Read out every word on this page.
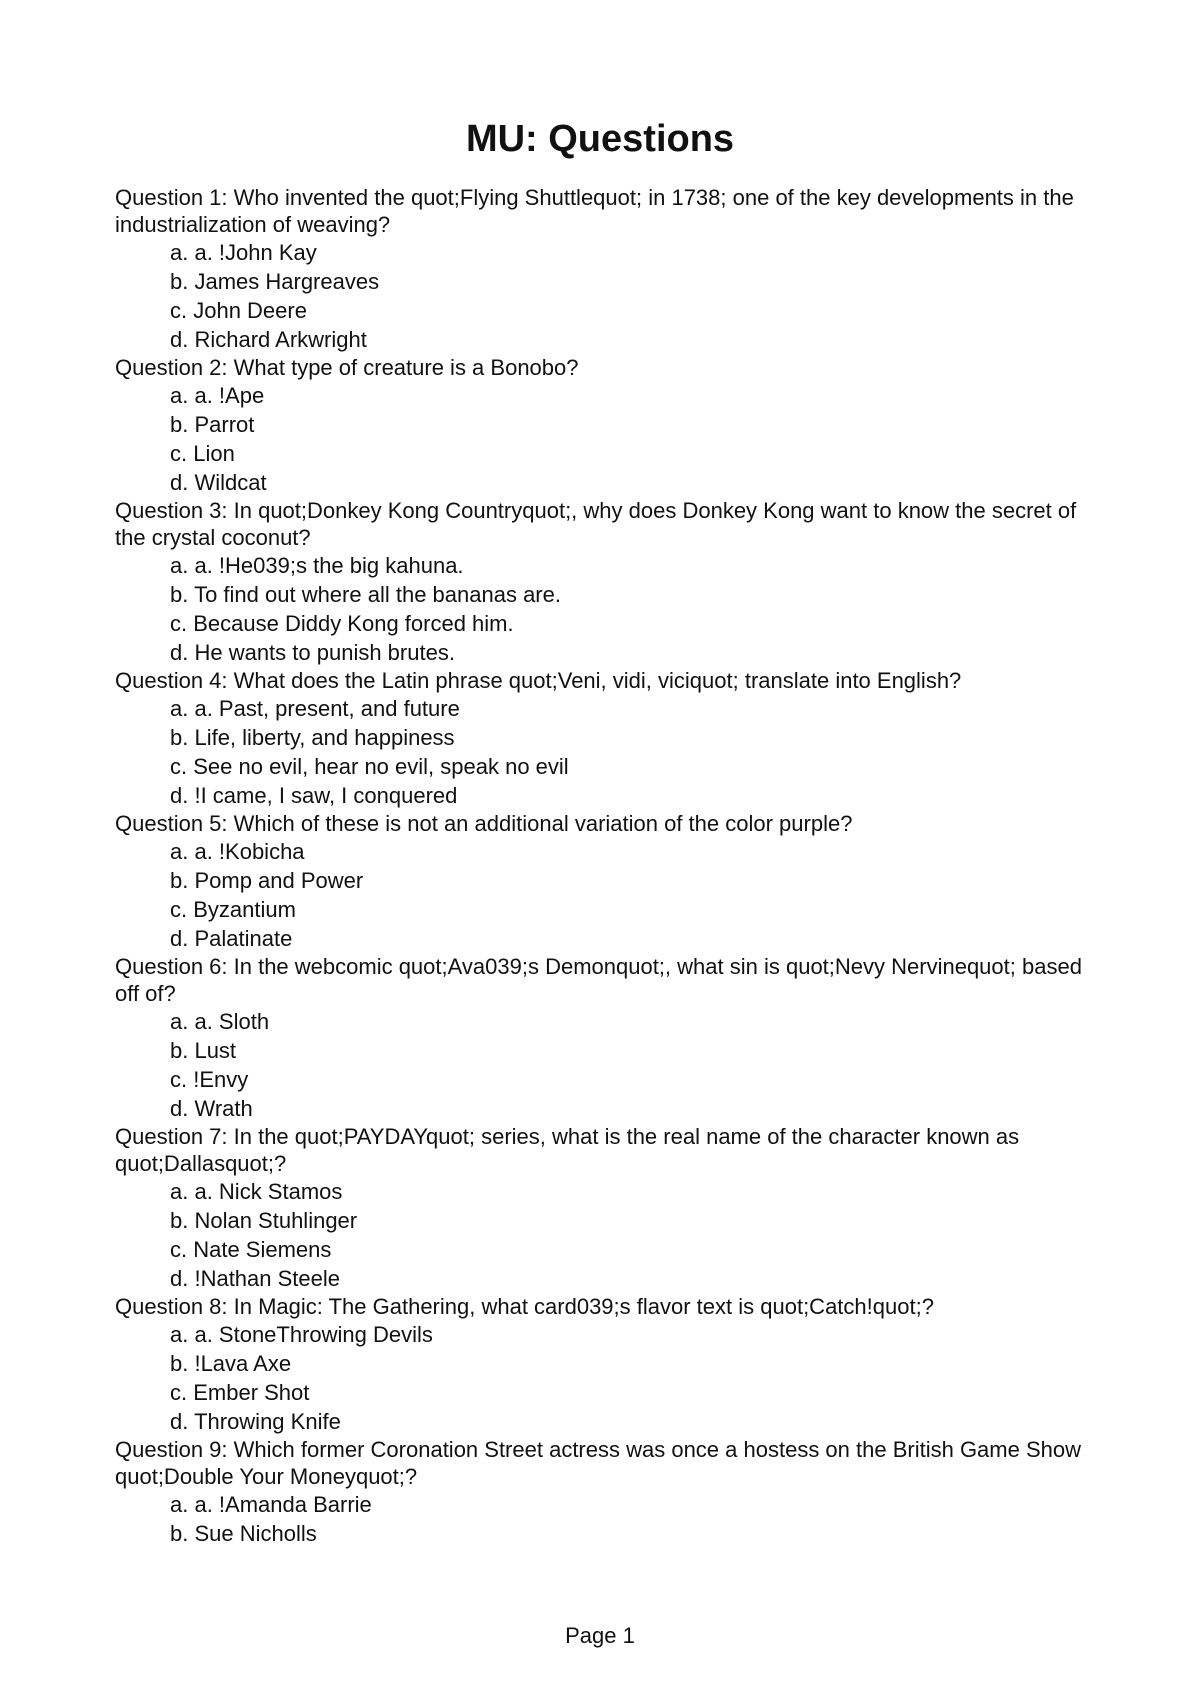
MU: Questions

Question 1: Who invented the quot;Flying Shuttlequot; in 1738; one of the key developments in the industrialization of weaving?

a. a. !John Kay
b. James Hargreaves
c. John Deere
d. Richard Arkwright

Question 2: What type of creature is a Bonobo?

a. a. !Ape
b. Parrot
c. Lion
d. Wildcat

Question 3: In quot;Donkey Kong Countryquot;, why does Donkey Kong want to know the secret of the crystal coconut?

a. a. !He039;s the big kahuna.
b. To find out where all the bananas are.
c. Because Diddy Kong forced him.
d. He wants to punish brutes.

Question 4: What does the Latin phrase quot;Veni, vidi, viciquot; translate into English?

a. a. Past, present, and future
b. Life, liberty, and happiness
c. See no evil, hear no evil, speak no evil
d. !I came, I saw, I conquered

Question 5: Which of these is not an additional variation of the color purple?

a. a. !Kobicha
b. Pomp and Power
c. Byzantium
d. Palatinate

Question 6: In the webcomic quot;Ava039;s Demonquot;, what sin is quot;Nevy Nervinequot; based off of?

a. a. Sloth
b. Lust
c. !Envy
d. Wrath

Question 7: In the quot;PAYDAYquot; series, what is the real name of the character known as quot;Dallasquot;?

a. a. Nick Stamos
b. Nolan Stuhlinger
c. Nate Siemens
d. !Nathan Steele

Question 8: In Magic: The Gathering, what card039;s flavor text is quot;Catch!quot;?

a. a. StoneThrowing Devils
b. !Lava Axe
c. Ember Shot
d. Throwing Knife

Question 9: Which former Coronation Street actress was once a hostess on the British Game Show quot;Double Your Moneyquot;?

a. a. !Amanda Barrie
b. Sue Nicholls
Page 1
